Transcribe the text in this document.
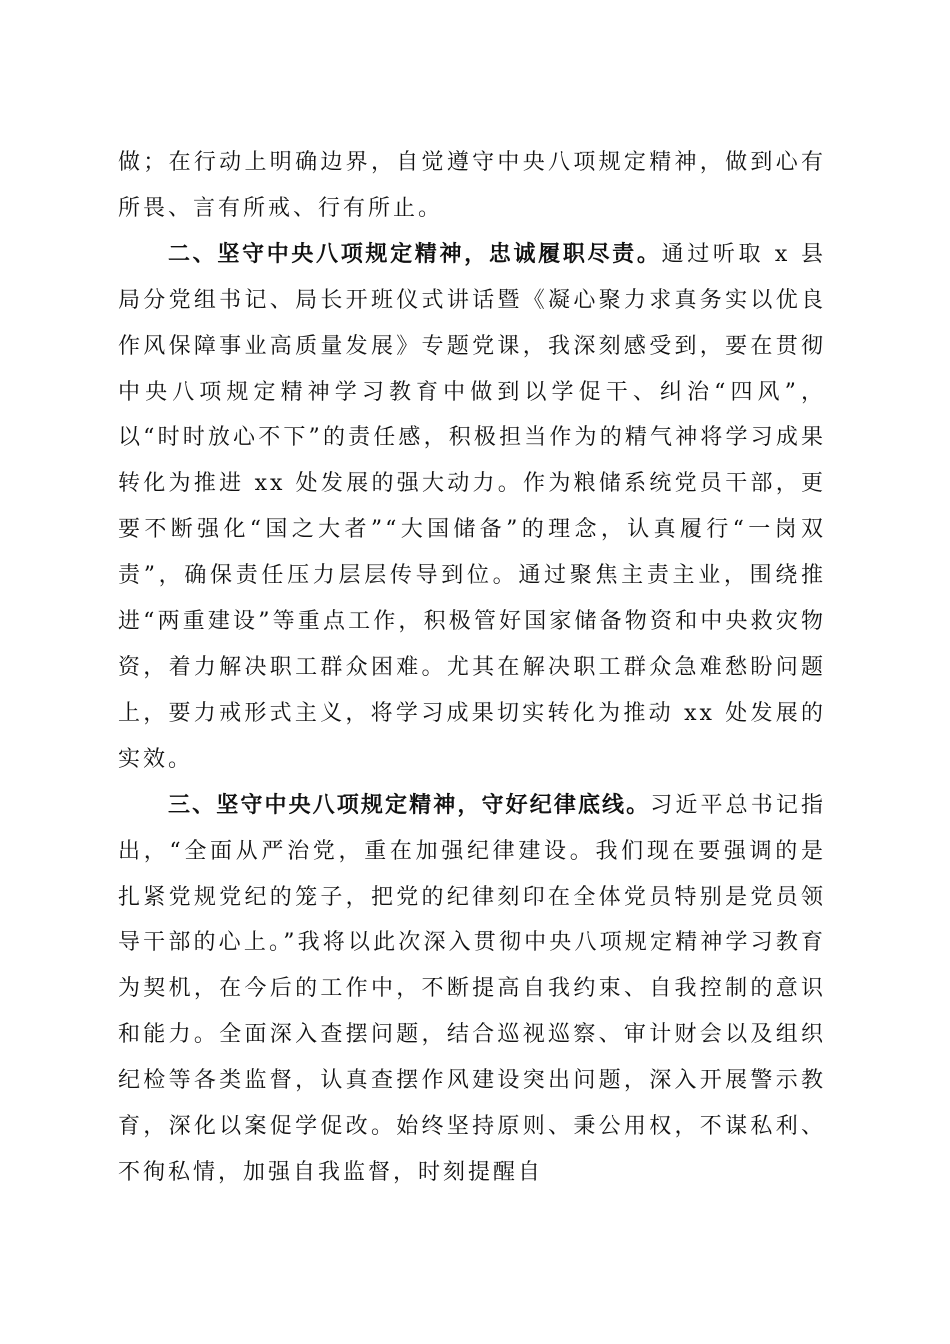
做；在行动上明确边界，自觉遵守中央八项规定精神，做到心有所畏、言有所戒、行有所止。

二、坚守中央八项规定精神，忠诚履职尽责。通过听取 x 县局分党组书记、局长开班仪式讲话暨《凝心聚力求真务实以优良作风保障事业高质量发展》专题党课，我深刻感受到，要在贯彻中央八项规定精神学习教育中做到以学促干、纠治“四风”，以“时时放心不下”的责任感，积极担当作为的精气神将学习成果转化为推进 xx 处发展的强大动力。作为粮储系统党员干部，更要不断强化“国之大者”“大国储备”的理念，认真履行“一岗双责”，确保责任压力层层传导到位。通过聚焦主责主业，围绕推进“两重建设”等重点工作，积极管好国家储备物资和中央救灾物资，着力解决职工群众困难。尤其在解决职工群众急难愁盼问题上，要力戒形式主义，将学习成果切实转化为推动 xx 处发展的实效。

三、坚守中央八项规定精神，守好纪律底线。习近平总书记指出，“全面从严治党，重在加强纪律建设。我们现在要强调的是扎紧党规党纪的笼子，把党的纪律刻印在全体党员特别是党员领导干部的心上。”我将以此次深入贯彻中央八项规定精神学习教育为契机，在今后的工作中，不断提高自我约束、自我控制的意识和能力。全面深入查摆问题，结合巡视巡察、审计财会以及组织纪检等各类监督，认真查摆作风建设突出问题，深入开展警示教育，深化以案促学促改。始终坚持原则、秉公用权，不谋私利、不徇私情，加强自我监督，时刻提醒自
